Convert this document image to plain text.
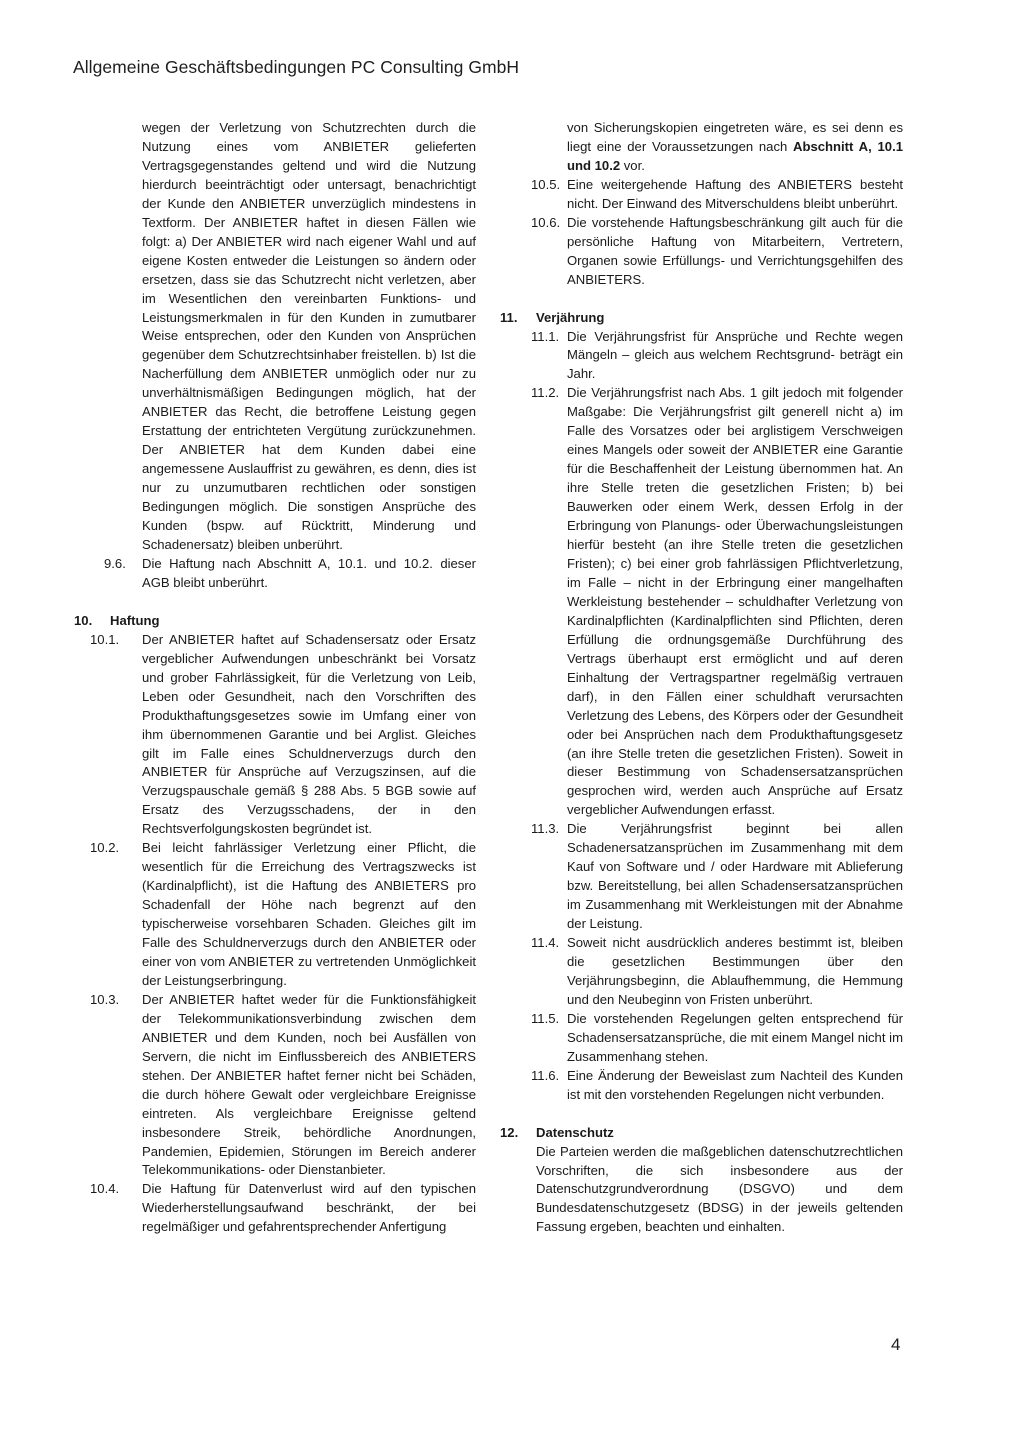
Allgemeine Geschäftsbedingungen PC Consulting GmbH
wegen der Verletzung von Schutzrechten durch die Nutzung eines vom ANBIETER gelieferten Vertragsgegenstandes geltend und wird die Nutzung hierdurch beeinträchtigt oder untersagt, benachrichtigt der Kunde den ANBIETER unverzüglich mindestens in Textform. Der ANBIETER haftet in diesen Fällen wie folgt: a) Der ANBIETER wird nach eigener Wahl und auf eigene Kosten entweder die Leistungen so ändern oder ersetzen, dass sie das Schutzrecht nicht verletzen, aber im Wesentlichen den vereinbarten Funktions- und Leistungsmerkmalen in für den Kunden in zumutbarer Weise entsprechen, oder den Kunden von Ansprüchen gegenüber dem Schutzrechtsinhaber freistellen. b) Ist die Nacherfüllung dem ANBIETER unmöglich oder nur zu unverhältnismäßigen Bedingungen möglich, hat der ANBIETER das Recht, die betroffene Leistung gegen Erstattung der entrichteten Vergütung zurückzunehmen. Der ANBIETER hat dem Kunden dabei eine angemessene Auslauffrist zu gewähren, es denn, dies ist nur zu unzumutbaren rechtlichen oder sonstigen Bedingungen möglich. Die sonstigen Ansprüche des Kunden (bspw. auf Rücktritt, Minderung und Schadenersatz) bleiben unberührt.
9.6. Die Haftung nach Abschnitt A, 10.1. und 10.2. dieser AGB bleibt unberührt.
10. Haftung
10.1. Der ANBIETER haftet auf Schadensersatz oder Ersatz vergeblicher Aufwendungen unbeschränkt bei Vorsatz und grober Fahrlässigkeit, für die Verletzung von Leib, Leben oder Gesundheit, nach den Vorschriften des Produkthaftungsgesetzes sowie im Umfang einer von ihm übernommenen Garantie und bei Arglist. Gleiches gilt im Falle eines Schuldnerverzugs durch den ANBIETER für Ansprüche auf Verzugszinsen, auf die Verzugspauschale gemäß § 288 Abs. 5 BGB sowie auf Ersatz des Verzugsschadens, der in den Rechtsverfolgungskosten begründet ist.
10.2. Bei leicht fahrlässiger Verletzung einer Pflicht, die wesentlich für die Erreichung des Vertragszwecks ist (Kardinalpflicht), ist die Haftung des ANBIETERS pro Schadenfall der Höhe nach begrenzt auf den typischerweise vorsehbaren Schaden. Gleiches gilt im Falle des Schuldnerverzugs durch den ANBIETER oder einer von vom ANBIETER zu vertretenden Unmöglichkeit der Leistungserbringung.
10.3. Der ANBIETER haftet weder für die Funktionsfähigkeit der Telekommunikationsverbindung zwischen dem ANBIETER und dem Kunden, noch bei Ausfällen von Servern, die nicht im Einflussbereich des ANBIETERS stehen. Der ANBIETER haftet ferner nicht bei Schäden, die durch höhere Gewalt oder vergleichbare Ereignisse eintreten. Als vergleichbare Ereignisse geltend insbesondere Streik, behördliche Anordnungen, Pandemien, Epidemien, Störungen im Bereich anderer Telekommunikations- oder Dienstanbieter.
10.4. Die Haftung für Datenverlust wird auf den typischen Wiederherstellungsaufwand beschränkt, der bei regelmäßiger und gefahrentsprechender Anfertigung
von Sicherungskopien eingetreten wäre, es sei denn es liegt eine der Voraussetzungen nach Abschnitt A, 10.1 und 10.2 vor.
10.5. Eine weitergehende Haftung des ANBIETERS besteht nicht. Der Einwand des Mitverschuldens bleibt unberührt.
10.6. Die vorstehende Haftungsbeschränkung gilt auch für die persönliche Haftung von Mitarbeitern, Vertretern, Organen sowie Erfüllungs- und Verrichtungsgehilfen des ANBIETERS.
11. Verjährung
11.1. Die Verjährungsfrist für Ansprüche und Rechte wegen Mängeln – gleich aus welchem Rechtsgrund- beträgt ein Jahr.
11.2. Die Verjährungsfrist nach Abs. 1 gilt jedoch mit folgender Maßgabe: Die Verjährungsfrist gilt generell nicht a) im Falle des Vorsatzes oder bei arglistigem Verschweigen eines Mangels oder soweit der ANBIETER eine Garantie für die Beschaffenheit der Leistung übernommen hat. An ihre Stelle treten die gesetzlichen Fristen; b) bei Bauwerken oder einem Werk, dessen Erfolg in der Erbringung von Planungs- oder Überwachungsleistungen hierfür besteht (an ihre Stelle treten die gesetzlichen Fristen); c) bei einer grob fahrlässigen Pflichtverletzung, im Falle – nicht in der Erbringung einer mangelhaften Werkleistung bestehender – schuldhafter Verletzung von Kardinalpflichten (Kardinalpflichten sind Pflichten, deren Erfüllung die ordnungsgemäße Durchführung des Vertrags überhaupt erst ermöglicht und auf deren Einhaltung der Vertragspartner regelmäßig vertrauen darf), in den Fällen einer schuldhaft verursachten Verletzung des Lebens, des Körpers oder der Gesundheit oder bei Ansprüchen nach dem Produkthaftungsgesetz (an ihre Stelle treten die gesetzlichen Fristen). Soweit in dieser Bestimmung von Schadensersatzansprüchen gesprochen wird, werden auch Ansprüche auf Ersatz vergeblicher Aufwendungen erfasst.
11.3. Die Verjährungsfrist beginnt bei allen Schadenersatzansprüchen im Zusammenhang mit dem Kauf von Software und / oder Hardware mit Ablieferung bzw. Bereitstellung, bei allen Schadensersatzansprüchen im Zusammenhang mit Werkleistungen mit der Abnahme der Leistung.
11.4. Soweit nicht ausdrücklich anderes bestimmt ist, bleiben die gesetzlichen Bestimmungen über den Verjährungsbeginn, die Ablaufhemmung, die Hemmung und den Neubeginn von Fristen unberührt.
11.5. Die vorstehenden Regelungen gelten entsprechend für Schadensersatzansprüche, die mit einem Mangel nicht im Zusammenhang stehen.
11.6. Eine Änderung der Beweislast zum Nachteil des Kunden ist mit den vorstehenden Regelungen nicht verbunden.
12. Datenschutz
Die Parteien werden die maßgeblichen datenschutzrechtlichen Vorschriften, die sich insbesondere aus der Datenschutzgrundverordnung (DSGVO) und dem Bundesdatenschutzgesetz (BDSG) in der jeweils geltenden Fassung ergeben, beachten und einhalten.
4
